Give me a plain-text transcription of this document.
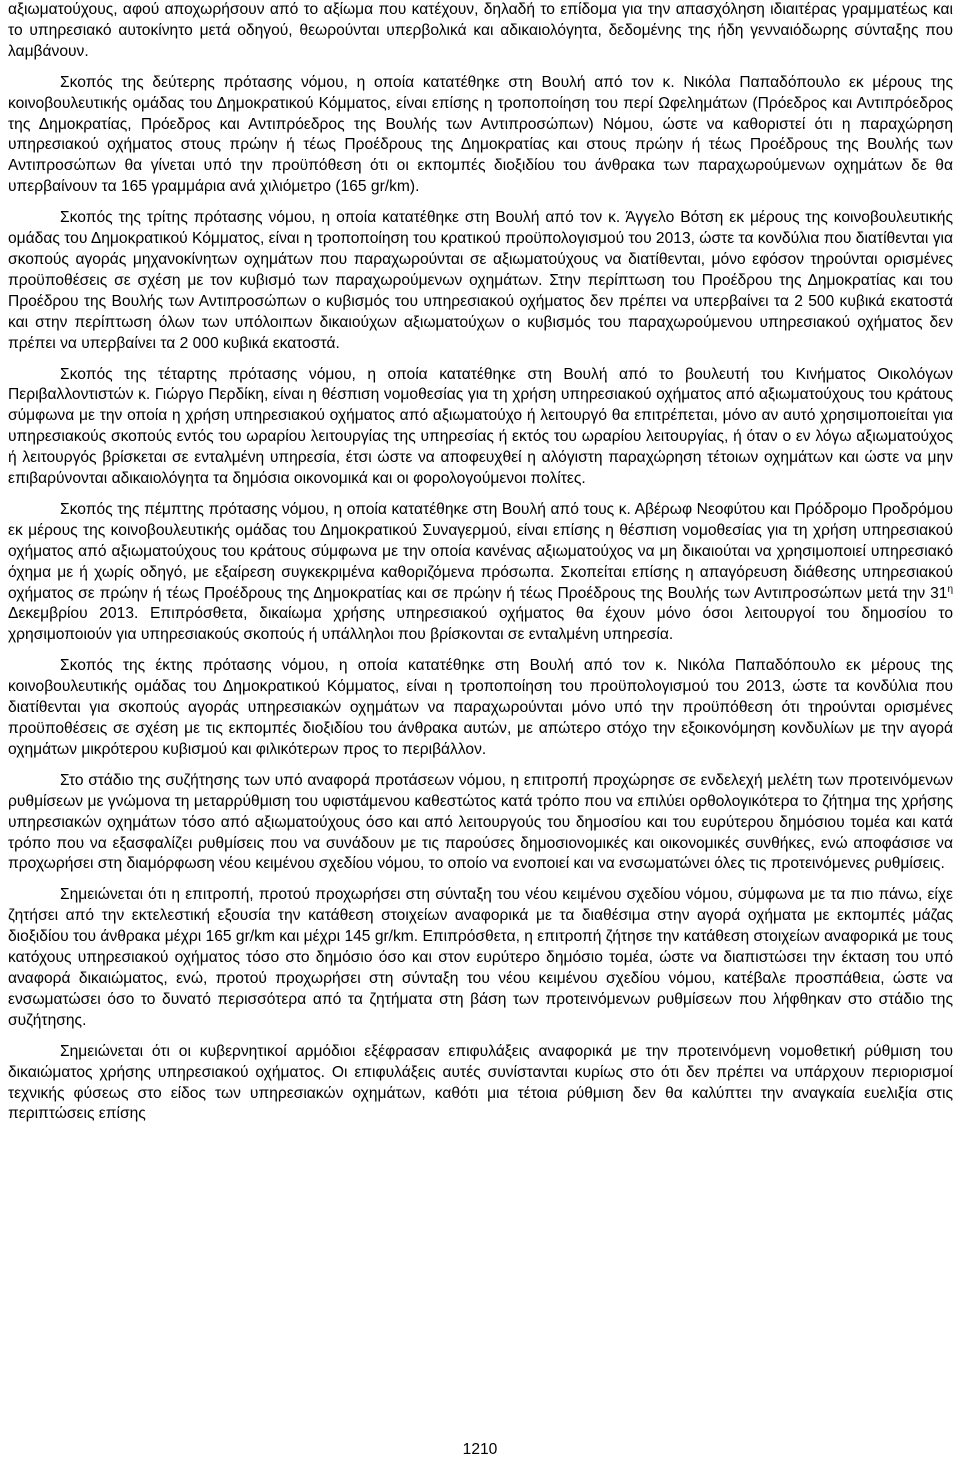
αξιωματούχους, αφού αποχωρήσουν από το αξίωμα που κατέχουν, δηλαδή το επίδομα για την απασχόληση ιδιαιτέρας γραμματέως και το υπηρεσιακό αυτοκίνητο μετά οδηγού, θεωρούνται υπερβολικά και αδικαιολόγητα, δεδομένης της ήδη γενναιόδωρης σύνταξης που λαμβάνουν.

Σκοπός της δεύτερης πρότασης νόμου, η οποία κατατέθηκε στη Βουλή από τον κ. Νικόλα Παπαδόπουλο εκ μέρους της κοινοβουλευτικής ομάδας του Δημοκρατικού Κόμματος, είναι επίσης η τροποποίηση του περί Ωφελημάτων (Πρόεδρος και Αντιπρόεδρος της Δημοκρατίας, Πρόεδρος και Αντιπρόεδρος της Βουλής των Αντιπροσώπων) Νόμου, ώστε να καθοριστεί ότι η παραχώρηση υπηρεσιακού οχήματος στους πρώην ή τέως Προέδρους της Δημοκρατίας και στους πρώην ή τέως Προέδρους της Βουλής των Αντιπροσώπων θα γίνεται υπό την προϋπόθεση ότι οι εκπομπές διοξιδίου του άνθρακα των παραχωρούμενων οχημάτων δε θα υπερβαίνουν τα 165 γραμμάρια ανά χιλιόμετρο (165 gr/km).

Σκοπός της τρίτης πρότασης νόμου, η οποία κατατέθηκε στη Βουλή από τον κ. Άγγελο Βότση εκ μέρους της κοινοβουλευτικής ομάδας του Δημοκρατικού Κόμματος, είναι η τροποποίηση του κρατικού προϋπολογισμού του 2013, ώστε τα κονδύλια που διατίθενται για σκοπούς αγοράς μηχανοκίνητων οχημάτων που παραχωρούνται σε αξιωματούχους να διατίθενται, μόνο εφόσον τηρούνται ορισμένες προϋποθέσεις σε σχέση με τον κυβισμό των παραχωρούμενων οχημάτων. Στην περίπτωση του Προέδρου της Δημοκρατίας και του Προέδρου της Βουλής των Αντιπροσώπων ο κυβισμός του υπηρεσιακού οχήματος δεν πρέπει να υπερβαίνει τα 2 500 κυβικά εκατοστά και στην περίπτωση όλων των υπόλοιπων δικαιούχων αξιωματούχων ο κυβισμός του παραχωρούμενου υπηρεσιακού οχήματος δεν πρέπει να υπερβαίνει τα 2 000 κυβικά εκατοστά.

Σκοπός της τέταρτης πρότασης νόμου, η οποία κατατέθηκε στη Βουλή από το βουλευτή του Κινήματος Οικολόγων Περιβαλλοντιστών κ. Γιώργο Περδίκη, είναι η θέσπιση νομοθεσίας για τη χρήση υπηρεσιακού οχήματος από αξιωματούχους του κράτους σύμφωνα με την οποία η χρήση υπηρεσιακού οχήματος από αξιωματούχο ή λειτουργό θα επιτρέπεται, μόνο αν αυτό χρησιμοποιείται για υπηρεσιακούς σκοπούς εντός του ωραρίου λειτουργίας της υπηρεσίας ή εκτός του ωραρίου λειτουργίας, ή όταν ο εν λόγω αξιωματούχος ή λειτουργός βρίσκεται σε ενταλμένη υπηρεσία, έτσι ώστε να αποφευχθεί η αλόγιστη παραχώρηση τέτοιων οχημάτων και ώστε να μην επιβαρύνονται αδικαιολόγητα τα δημόσια οικονομικά και οι φορολογούμενοι πολίτες.

Σκοπός της πέμπτης πρότασης νόμου, η οποία κατατέθηκε στη Βουλή από τους κ. Αβέρωφ Νεοφύτου και Πρόδρομο Προδρόμου εκ μέρους της κοινοβουλευτικής ομάδας του Δημοκρατικού Συναγερμού, είναι επίσης η θέσπιση νομοθεσίας για τη χρήση υπηρεσιακού οχήματος από αξιωματούχους του κράτους σύμφωνα με την οποία κανένας αξιωματούχος να μη δικαιούται να χρησιμοποιεί υπηρεσιακό όχημα με ή χωρίς οδηγό, με εξαίρεση συγκεκριμένα καθοριζόμενα πρόσωπα. Σκοπείται επίσης η απαγόρευση διάθεσης υπηρεσιακού οχήματος σε πρώην ή τέως Προέδρους της Δημοκρατίας και σε πρώην ή τέως Προέδρους της Βουλής των Αντιπροσώπων μετά την $31^\eta$ Δεκεμβρίου 2013. Επιπρόσθετα, δικαίωμα χρήσης υπηρεσιακού οχήματος θα έχουν μόνο όσοι λειτουργοί του δημοσίου το χρησιμοποιούν για υπηρεσιακούς σκοπούς ή υπάλληλοι που βρίσκονται σε ενταλμένη υπηρεσία.

Σκοπός της έκτης πρότασης νόμου, η οποία κατατέθηκε στη Βουλή από τον κ. Νικόλα Παπαδόπουλο εκ μέρους της κοινοβουλευτικής ομάδας του Δημοκρατικού Κόμματος, είναι η τροποποίηση του προϋπολογισμού του 2013, ώστε τα κονδύλια που διατίθενται για σκοπούς αγοράς υπηρεσιακών οχημάτων να παραχωρούνται μόνο υπό την προϋπόθεση ότι τηρούνται ορισμένες προϋποθέσεις σε σχέση με τις εκπομπές διοξιδίου του άνθρακα αυτών, με απώτερο στόχο την εξοικονόμηση κονδυλίων με την αγορά οχημάτων μικρότερου κυβισμού και φιλικότερων προς το περιβάλλον.

Στο στάδιο της συζήτησης των υπό αναφορά προτάσεων νόμου, η επιτροπή προχώρησε σε ενδελεχή μελέτη των προτεινόμενων ρυθμίσεων με γνώμονα τη μεταρρύθμιση του υφιστάμενου καθεστώτος κατά τρόπο που να επιλύει ορθολογικότερα το ζήτημα της χρήσης υπηρεσιακών οχημάτων τόσο από αξιωματούχους όσο και από λειτουργούς του δημοσίου και του ευρύτερου δημόσιου τομέα και κατά τρόπο που να εξασφαλίζει ρυθμίσεις που να συνάδουν με τις παρούσες δημοσιονομικές και οικονομικές συνθήκες, ενώ αποφάσισε να προχωρήσει στη διαμόρφωση νέου κειμένου σχεδίου νόμου, το οποίο να ενοποιεί και να ενσωματώνει όλες τις προτεινόμενες ρυθμίσεις.

Σημειώνεται ότι η επιτροπή, προτού προχωρήσει στη σύνταξη του νέου κειμένου σχεδίου νόμου, σύμφωνα με τα πιο πάνω, είχε ζητήσει από την εκτελεστική εξουσία την κατάθεση στοιχείων αναφορικά με τα διαθέσιμα στην αγορά οχήματα με εκπομπές μάζας διοξιδίου του άνθρακα μέχρι 165 gr/km και μέχρι 145 gr/km. Επιπρόσθετα, η επιτροπή ζήτησε την κατάθεση στοιχείων αναφορικά με τους κατόχους υπηρεσιακού οχήματος τόσο στο δημόσιο όσο και στον ευρύτερο δημόσιο τομέα, ώστε να διαπιστώσει την έκταση του υπό αναφορά δικαιώματος, ενώ, προτού προχωρήσει στη σύνταξη του νέου κειμένου σχεδίου νόμου, κατέβαλε προσπάθεια, ώστε να ενσωματώσει όσο το δυνατό περισσότερα από τα ζητήματα στη βάση των προτεινόμενων ρυθμίσεων που λήφθηκαν στο στάδιο της συζήτησης.

Σημειώνεται ότι οι κυβερνητικοί αρμόδιοι εξέφρασαν επιφυλάξεις αναφορικά με την προτεινόμενη νομοθετική ρύθμιση του δικαιώματος χρήσης υπηρεσιακού οχήματος. Οι επιφυλάξεις αυτές συνίστανται κυρίως στο ότι δεν πρέπει να υπάρχουν περιορισμοί τεχνικής φύσεως στο είδος των υπηρεσιακών οχημάτων, καθότι μια τέτοια ρύθμιση δεν θα καλύπτει την αναγκαία ευελιξία στις περιπτώσεις επίσης

1210
